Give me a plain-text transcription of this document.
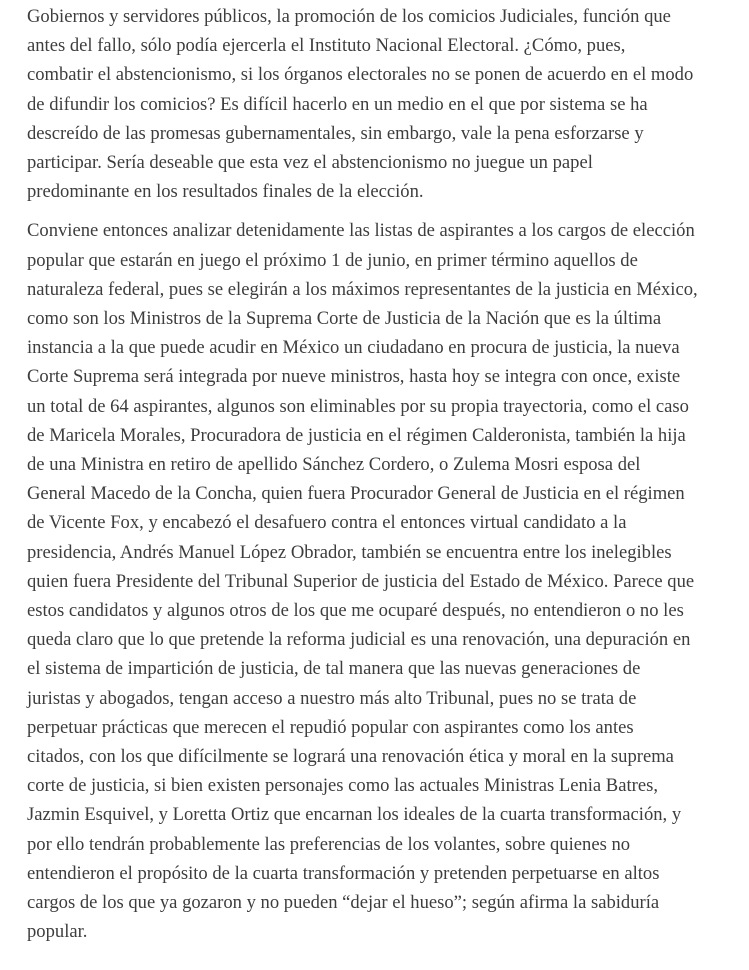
Gobiernos y servidores públicos, la promoción de los comicios Judiciales, función que
antes del fallo, sólo podía ejercerla el Instituto Nacional Electoral. ¿Cómo, pues,
combatir el abstencionismo, si los órganos electorales no se ponen de acuerdo en el modo
de difundir los comicios? Es difícil hacerlo en un medio en el que por sistema se ha
descreído de las promesas gubernamentales, sin embargo, vale la pena esforzarse y
participar. Sería deseable que esta vez el abstencionismo no juegue un papel
predominante en los resultados finales de la elección.

Conviene entonces analizar detenidamente las listas de aspirantes a los cargos de elección
popular que estarán en juego el próximo 1 de junio, en primer término aquellos de
naturaleza federal, pues se elegirán a los máximos representantes de la justicia en México,
como son los Ministros de la Suprema Corte de Justicia de la Nación que es la última
instancia a la que puede acudir en México un ciudadano en procura de justicia, la nueva
Corte Suprema será integrada por nueve ministros, hasta hoy se integra con once, existe
un total de 64 aspirantes, algunos son eliminables por su propia trayectoria, como el caso
de Maricela Morales, Procuradora de justicia en el régimen Calderonista, también la hija
de una Ministra en retiro de apellido Sánchez Cordero, o Zulema Mosri esposa del
General Macedo de la Concha, quien fuera Procurador General de Justicia en el régimen
de Vicente Fox, y encabezó el desafuero contra el entonces virtual candidato a la
presidencia, Andrés Manuel López Obrador, también se encuentra entre los inelegibles
quien fuera Presidente del Tribunal Superior de justicia del Estado de México. Parece que
estos candidatos y algunos otros de los que me ocuparé después, no entendieron o no les
queda claro que lo que pretende la reforma judicial es una renovación, una depuración en
el sistema de impartición de justicia, de tal manera que las nuevas generaciones de
juristas y abogados, tengan acceso a nuestro más alto Tribunal, pues no se trata de
perpetuar prácticas que merecen el repudió popular con aspirantes como los antes
citados, con los que difícilmente se logrará una renovación ética y moral en la suprema
corte de justicia, si bien existen personajes como las actuales Ministras Lenia Batres,
Jazmin Esquivel, y Loretta Ortiz que encarnan los ideales de la cuarta transformación, y
por ello tendrán probablemente las preferencias de los volantes, sobre quienes no
entendieron el propósito de la cuarta transformación y pretenden perpetuarse en altos
cargos de los que ya gozaron y no pueden “dejar el hueso”; según afirma la sabiduría
popular.
